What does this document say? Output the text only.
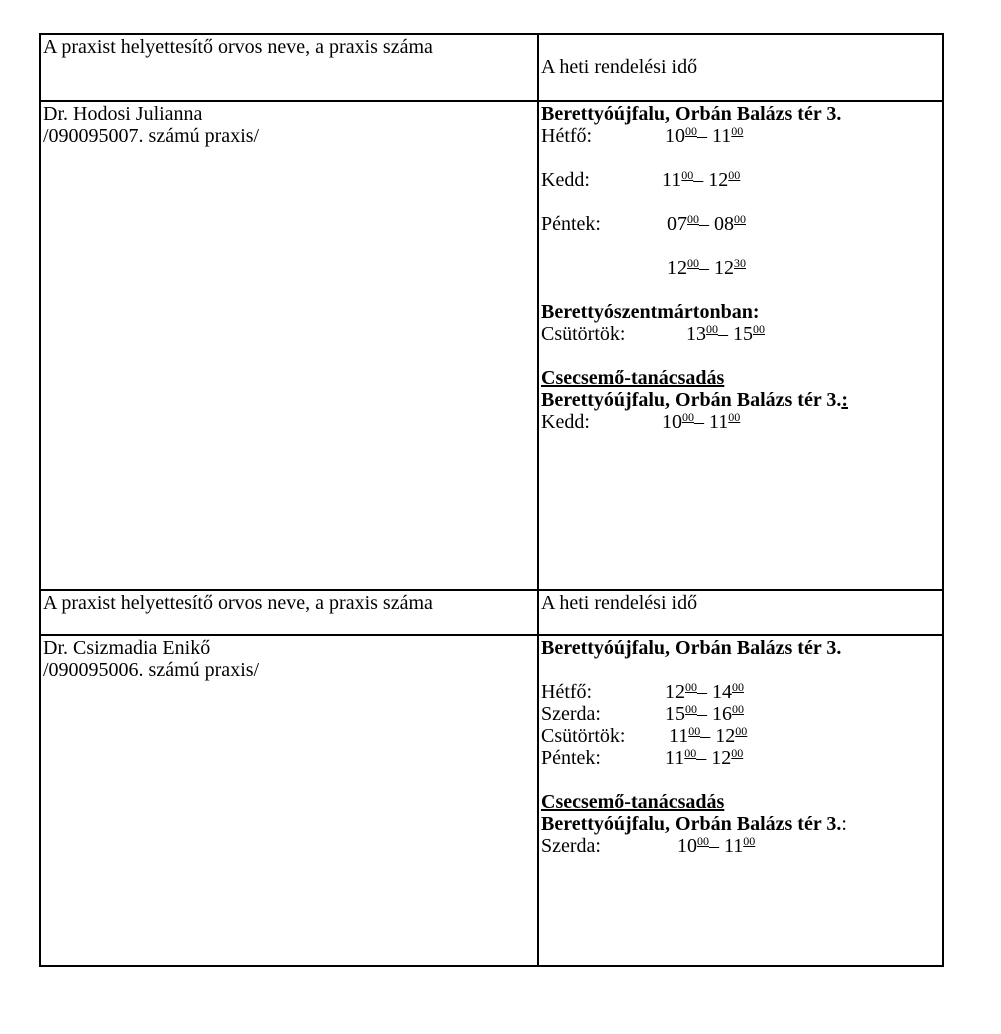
A praxist helyettesítő orvos neve, a praxis száma	A heti rendelési idő

Dr. Hodosi Julianna
/090095007. számú praxis/

Berettyóújfalu, Orbán Balázs tér 3.
Hétfő:	$10^{00}-$ $11^{00}$
Kedd:	$11^{00}-$ $12^{00}$
Péntek:	$07^{00}-$ $08^{00}$
$12^{00}-$ $12^{30}$
Berettyószentmártonban:
Csütörtök:	$13^{00}-$ $15^{00}$
Csecsemő-tanácsadás
Berettyóújfalu, Orbán Balázs tér 3.:
Kedd:	$10^{00}-$ $11^{00}$

A praxist helyettesítő orvos neve, a praxis száma	A heti rendelési idő

Dr. Csizmadia Enikő
/090095006. számú praxis/

Berettyóújfalu, Orbán Balázs tér 3.
Hétfő:	$12^{00}-$ $14^{00}$
Szerda:	$15^{00}-$ $16^{00}$
Csütörtök: $11^{00}-$ $12^{00}$
Péntek:	$11^{00}-$ $12^{00}$
Csecsemő-tanácsadás
Berettyóújfalu, Orbán Balázs tér 3.:
Szerda:	$10^{00}-$ $11^{00}$
